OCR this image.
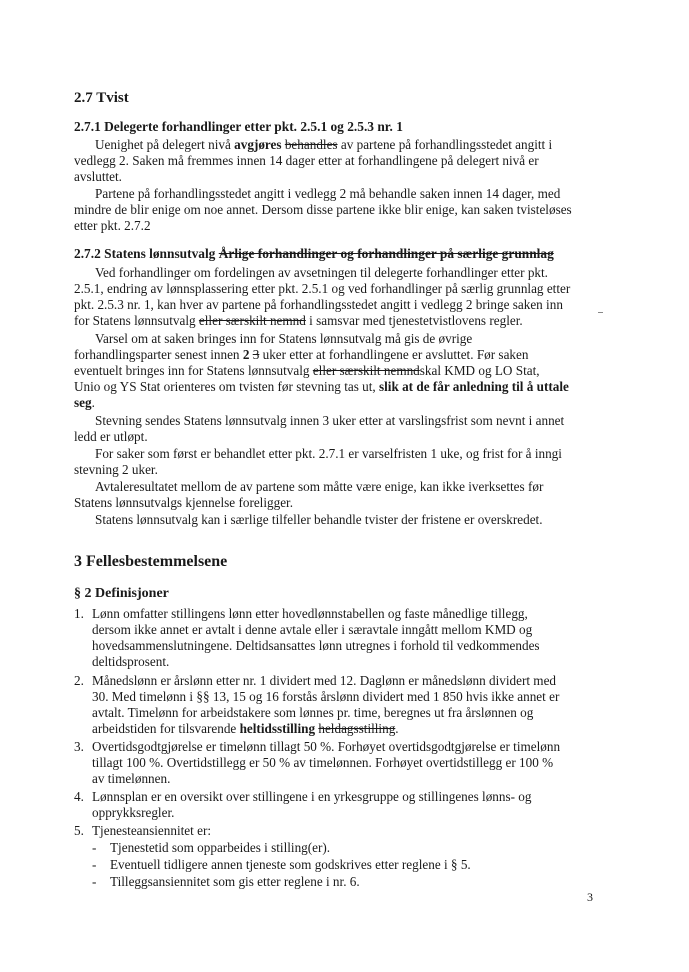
2.7 Tvist
2.7.1 Delegerte forhandlinger etter pkt. 2.5.1 og 2.5.3 nr. 1
Uenighet på delegert nivå avgjøres behandles av partene på forhandlingsstedet angitt i
vedlegg 2. Saken må fremmes innen 14 dager etter at forhandlingene på delegert nivå er
avsluttet.
Partene på forhandlingsstedet angitt i vedlegg 2 må behandle saken innen 14 dager, med
mindre de blir enige om noe annet. Dersom disse partene ikke blir enige, kan saken tvisteløses
etter pkt. 2.7.2
2.7.2 Statens lønnsutvalg Årlige forhandlinger og forhandlinger på særlige grunnlag
Ved forhandlinger om fordelingen av avsetningen til delegerte forhandlinger etter pkt.
2.5.1, endring av lønnsplassering etter pkt. 2.5.1 og ved forhandlinger på særlig grunnlag etter
pkt. 2.5.3 nr. 1, kan hver av partene på forhandlingsstedet angitt i vedlegg 2 bringe saken inn
for Statens lønnsutvalg eller særskilt nemnd i samsvar med tjenestetvistlovens regler.
Varsel om at saken bringes inn for Statens lønnsutvalg må gis de øvrige
forhandlingsparter senest innen 2 3 uker etter at forhandlingene er avsluttet. Før saken
eventuelt bringes inn for Statens lønnsutvalg eller særskilt nemndskal KMD og LO Stat,
Unio og YS Stat orienteres om tvisten før stevning tas ut, slik at de får anledning til å uttale
seg.
Stevning sendes Statens lønnsutvalg innen 3 uker etter at varslingsfrist som nevnt i annet
ledd er utløpt.
For saker som først er behandlet etter pkt. 2.7.1 er varselfristen 1 uke, og frist for å inngi
stevning 2 uker.
Avtaleresultatet mellom de av partene som måtte være enige, kan ikke iverksettes før
Statens lønnsutvalgs kjennelse foreligger.
Statens lønnsutvalg kan i særlige tilfeller behandle tvister der fristene er overskredet.
3 Fellesbestemmelsene
§ 2 Definisjoner
1. Lønn omfatter stillingens lønn etter hovedlønnstabellen og faste månedlige tillegg,
dersom ikke annet er avtalt i denne avtale eller i særavtale inngått mellom KMD og
hovedsammenslutningene. Deltidsansattes lønn utregnes i forhold til vedkommendes
deltidsprosent.
2. Månedslønn er årslønn etter nr. 1 dividert med 12. Daglønn er månedslønn dividert med
30. Med timelønn i §§ 13, 15 og 16 forstås årslønn dividert med 1 850 hvis ikke annet er
avtalt. Timelønn for arbeidstakere som lønnes pr. time, beregnes ut fra årslønnen og
arbeidstiden for tilsvarende heltidsstilling heldagsstilling.
3. Overtidsgodtgjørelse er timelønn tillagt 50 %. Forhøyet overtidsgodtgjørelse er timelønn
tillagt 100 %. Overtidstillegg er 50 % av timelønnen. Forhøyet overtidstillegg er 100 %
av timelønnen.
4. Lønnsplan er en oversikt over stillingene i en yrkesgruppe og stillingenes lønns- og
opprykksregler.
5. Tjenesteansiennitet er:
- Tjenestetid som opparbeides i stilling(er).
- Eventuell tidligere annen tjeneste som godskrives etter reglene i § 5.
- Tilleggsansiennitet som gis etter reglene i nr. 6.
3
